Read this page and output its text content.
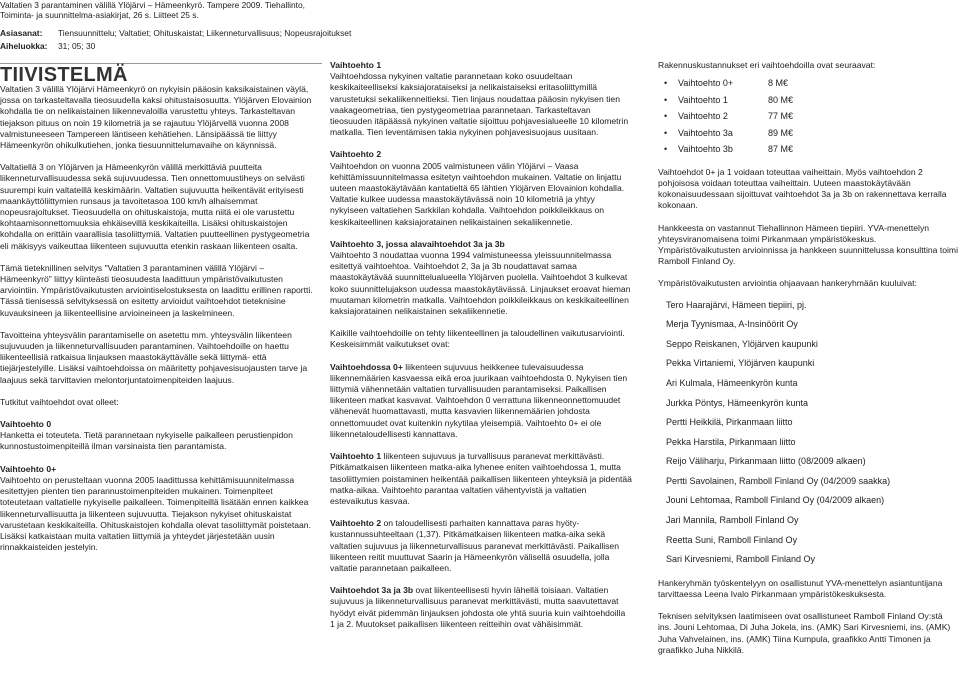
Valtatien 3 parantaminen välillä Ylöjärvi – Hämeenkyrö. Tampere 2009. Tiehallinto,
Toiminta- ja suunnittelma-asiakirjat, 26 s. Liitteet 25 s.
Asiasanat: Tiensuunnittelu; Valtatiet; Ohituskaistat; Liikenneturvallisuus; Nopeusrajoitukset
Aiheluokka: 31; 05; 30
TIIVISTELMÄ

Valtatien 3 välillä Ylöjärvi Hämeenkyrö on nykyisin pääosin kaksikaistainen väylä, jossa on tarkasteltavalla tieosuudella kaksi ohitustaisosuutta. Ylöjärven Elovainion kohdalla tie on nelikaistainen liikennevaloilla varustettu yhteys. Tarkasteltavan tiejakson pituus on noin 19 kilometriä ja se rajautuu Ylöjärvellä vuonna 2008 valmistuneeseen Tampereen läntiseen kehätiehen. Länsipäässä tie liittyy Hämeenkyrön ohikulkutiehen, jonka tiesuunnittelumavaihe on käynnissä.

Valtatiellä 3 on Ylöjärven ja Hämeenkyrön välillä merkittäviä puutteita liikenneturvallisuudessa sekä sujuvuudessa. Tien onnettomuustiheys on selvästi suurempi kuin valtateillä keskimäärin. Valtatien sujuvuutta heikentävät erityisesti maankäyttöliittymien runsaus ja tavoitetasoa 100 km/h alhaisemmat nopeusrajoitukset. Tieosuudella on ohituskaistoja, mutta niitä ei ole varustettu kohtaamisonnettomuuksia ehkäisevillä keskikaiteilla. Lisäksi ohituskaistojen kohdalla on erittäin vaarallisia tasoliittymiä. Valtatien puutteellinen pystygeometria eli mäkisyys vaikeuttaa liikenteen sujuvuutta etenkin raskaan liikenteen osalta.

Tämä tieteknillinen selvitys "Valtatien 3 parantaminen välillä Ylöjärvi – Hämeenkyrö" liittyy kiinteästi tieosuudesta laadittuun ympäristövaikutusten arviointiin. Ympäristövaikutusten arviointiselostuksesta on laadittu erillinen raportti. Tässä tienisessä selvityksessä on esitetty arvioidut vaihtoehdot tieteknisine kuvauksineen ja liikenteellisine arvioineineen ja laskelmineen.

Tavoitteina yhteysvälin parantamiselle on asetettu mm. yhteysvälin liikenteen sujuvuuden ja liikenneturvallisuuden parantaminen. Vaihtoehdoille on haettu liikenteellisiä ratkaisua linjauksen maastokäyttävälle sekä liittymä- että tiejärjestelyille. Lisäksi vaihtoehdoissa on määritetty pohjavesisuojausten tarve ja laajuus sekä tarvittavien melontorjuntatoimenpiteiden laajuus.

Tutkitut vaihtoehdot ovat olleet:

Vaihtoehto 0

Hanketta ei toteuteta. Tietä parannetaan nykyiselle paikalleen perustienpidon kunnostustoimenpiteillä ilman varsinaista tien parantamista.

Vaihtoehto 0+

Vaihtoehto on perusteltaan vuonna 2005 laadittussa kehittämisuunnitelmassa esitettyjen pienten tien parannustoimenpiteiden mukainen. Toimenpiteet toteutetaan valtatielle nykyiselle paikalleen. Toimenpiteillä lisätään ennen kaikkea liikenneturvallisuutta ja liikenteen sujuvuutta. Tiejakson nykyiset ohituskaistat varustetaan keskikaiteilla. Ohituskaistojen kohdalla olevat tasoliittymät poistetaan. Lisäksi katkaistaan muita valtatien liittymiä ja yhteydet järjestetään uusin rinnakkaisteiden jestelyin.

Vaihtoehto 1

Vaihtoehdossa nykyinen valtatie parannetaan koko osuudeltaan keskikaiteelliseksi kaksiajorataiseksi ja nelikaistaiseksi eritasoliittymillä varustetuksi sekaliikenneitieksi. Tien linjaus noudattaa pääosin nykyisen tien vaakageometriaa, tien pystygeometriaa parannetaan. Tarkasteltavan tieosuuden itäpäässä nykyinen valtatie sijoittuu pohjavesialueelle 10 kilometrin matkalla. Tien leventämisen takia nykyinen pohjavesisuojaus uusitaan.

Vaihtoehto 2

Vaihtoehdon on vuonna 2005 valmistuneen välin Ylöjärvi – Vaasa kehittämissuunnitelmassa esitetyn vaihtoehdon mukainen. Valtatie on linjattu uuteen maastokäytävään kantatieltä 65 lähtien Ylöjärven Elovainion kohdalla. Valtatie kulkee uudessa maastokäytävässä noin 10 kilometriä ja yhtyy nykyiseen valtatiehen Sarkkilan kohdalla. Vaihtoehdon poikkileikkaus on keskikaiteellinen kaksiajoratainen nelikaistainen sekaliikennetie.

Vaihtoehto 3, jossa alavaihtoehdot 3a ja 3b

Vaihtoehto 3 noudattaa vuonna 1994 valmistuneessa yleissuunnitelmassa esitettyä vaihtoehtoa. Vaihtoehdot 2, 3a ja 3b noudattavat samaa maastokäytävää suunnittelualueella Ylöjärven puolella. Vaihtoehdot 3 kulkevat koko suunnittelujakson uudessa maastokäytävässä. Linjaukset eroavat hieman muutaman kilometrin matkalla. Vaihtoehdon poikkileikkaus on keskikaiteellinen kaksiajoratainen nelikaistainen sekaliikennetie.

Kaikille vaihtoehdoille on tehty liikenteellinen ja taloudellinen vaikutusarviointi. Keskeisimmät vaikutukset ovat:

Vaihtoehdossa 0+ liikenteen sujuvuus heikkenee tulevaisuudessa liikennemäärien kasvaessa eikä eroa juurikaan vaihtoehdosta 0. Nykyisen tien liittymiä vähennetään valtatien turvallisuuden parantamiseksi. Paikallisen liikenteen matkat kasvavat. Vaihtoehdon 0 verrattuna liikenneonnettomuudet vähenevät huomattavasti, mutta kasvavien liikennemäärien johdosta onnettomuudet ovat kuitenkin nykytilaa yleisempiä. Vaihtoehto 0+ ei ole liikennetaloudellisesti kannattava.

Vaihtoehto 1 liikenteen sujuvuus ja turvallisuus paranevat merkittävästi. Pitkämatkaisen liikenteen matka-aika lyhenee eniten vaihtoehdossa 1, mutta tasoliittymien poistaminen heikentää paikallisen liikenteen yhteyksiä ja pidentää matka-aikaa. Vaihtoehto parantaa valtatien vähentyvistä ja valtatien estevaikutus kasvaa.

Vaihtoehto 2 on taloudellisesti parhaiten kannattava paras hyöty-kustannussuhteeltaan (1,37). Pitkämatkaisen liikenteen matka-aika sekä valtatien sujuvuus ja liikenneturvallisuus paranevat merkittävästi. Paikallisen liikenteen reitit muuttuvat Saarin ja Hämeenkyrön välisellä osuudella, jolla valtatie parannetaan paikalleen.

Vaihtoehdot 3a ja 3b ovat liikenteellisesti hyvin lähellä toisiaan. Valtatien sujuvuus ja liikenneturvallisuus paranevat merkittävästi, mutta saavutettavat hyödyt eivät pidemmän linjauksen johdosta ole yhtä suuria kuin vaihtoehdoilla 1 ja 2. Muutokset paikallisen liikenteen reitteihin ovat vähäisimmät.

Rakennuskustannukset eri vaihtoehdoilla ovat seuraavat:

•	Vaihtoehto 0+	8 M€
•	Vaihtoehto 1	80 M€
•	Vaihtoehto 2	77 M€
•	Vaihtoehto 3a	89 M€
•	Vaihtoehto 3b	87 M€

Vaihtoehdot 0+ ja 1 voidaan toteuttaa vaiheittain. Myös vaihtoehdon 2 pohjoisosa voidaan toteuttaa vaiheittain. Uuteen maastokäytävään kokonaisuudessaan sijoittuvat vaihtoehdot 3a ja 3b on rakennettava kerralla kokonaan.

Hankkeesta on vastannut Tiehallinnon Hämeen tiepiiri. YVA-menettelyn yhteysviranomaisena toimi Pirkanmaan ympäristökeskus. Ympäristövaikutusten arvioinnissa ja hankkeen suunnittelussa konsulttina toimi Ramboll Finland Oy.

Ympäristövaikutusten arviointia ohjaavaan hankeryhmään kuuluivat:

Tero Haarajärvi, Hämeen tiepiiri, pj.
Merja Tyynismaa, A-Insinöörit Oy
Seppo Reiskanen, Ylöjärven kaupunki
Pekka Virtaniemi, Ylöjärven kaupunki
Ari Kulmala, Hämeenkyrön kunta
Jurkka Pöntys, Hämeenkyrön kunta
Pertti Heikkilä, Pirkanmaan liitto
Pekka Harstila, Pirkanmaan liitto
Reijo Väliharju, Pirkanmaan liitto (08/2009 alkaen)
Pertti Savolainen, Ramboll Finland Oy (04/2009 saakka)
Jouni Lehtomaa, Ramboll Finland Oy (04/2009 alkaen)
Jari Mannila, Ramboll Finland Oy
Reetta Suni, Ramboll Finland Oy
Sari Kirvesniemi, Ramboll Finland Oy

Hankeryhmän työskentelyyn on osallistunut YVA-menettelyn asiantuntijana tarvittaessa Leena Ivalo Pirkanmaan ympäristökeskuksesta.

Teknisen selvityksen laatimiseen ovat osallistuneet Ramboll Finland Oy:stä ins. Jouni Lehtomaa, Di Juha Jokela, ins. (AMK) Sari Kirvesniemi, ins. (AMK) Juha Vahvelainen, ins. (AMK) Tiina Kumpula, graafikko Antti Timonen ja graafikko Juha Nikkilä.
